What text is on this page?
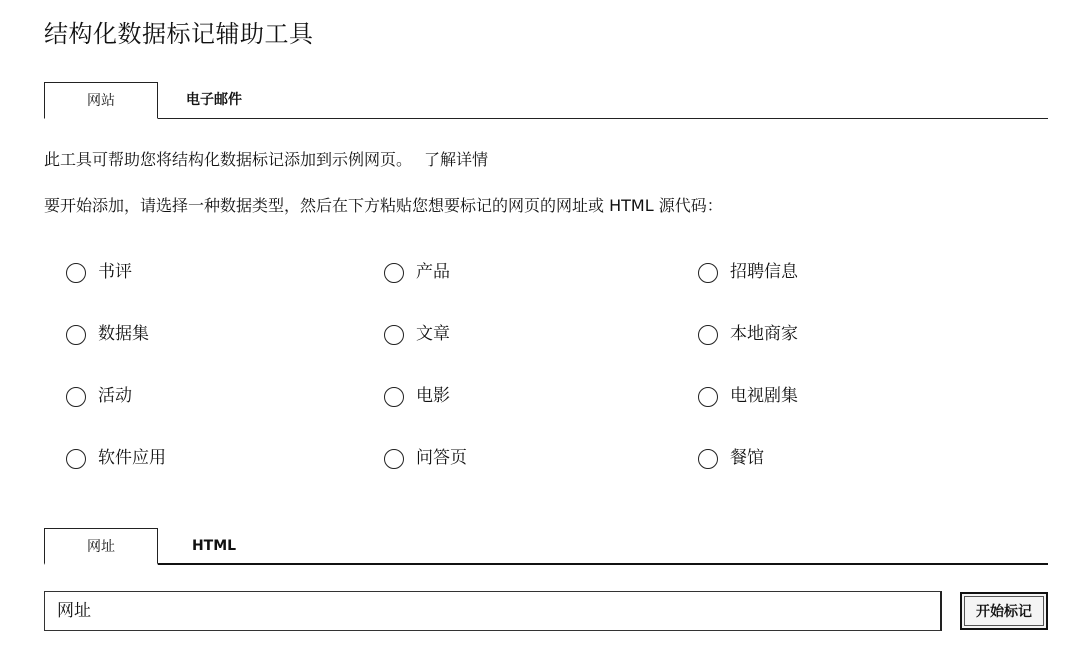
结构化数据标记辅助工具
网站	电子邮件

此工具可帮助您将结构化数据标记添加到示例网页。 了解详情

要开始添加，请选择一种数据类型，然后在下方粘贴您想要标记的网页的网址或 HTML 源代码：

书评	产品	招聘信息
数据集	文章	本地商家
活动	电影	电视剧集
软件应用	问答页	餐馆
网址	HTML
网址
开始标记
